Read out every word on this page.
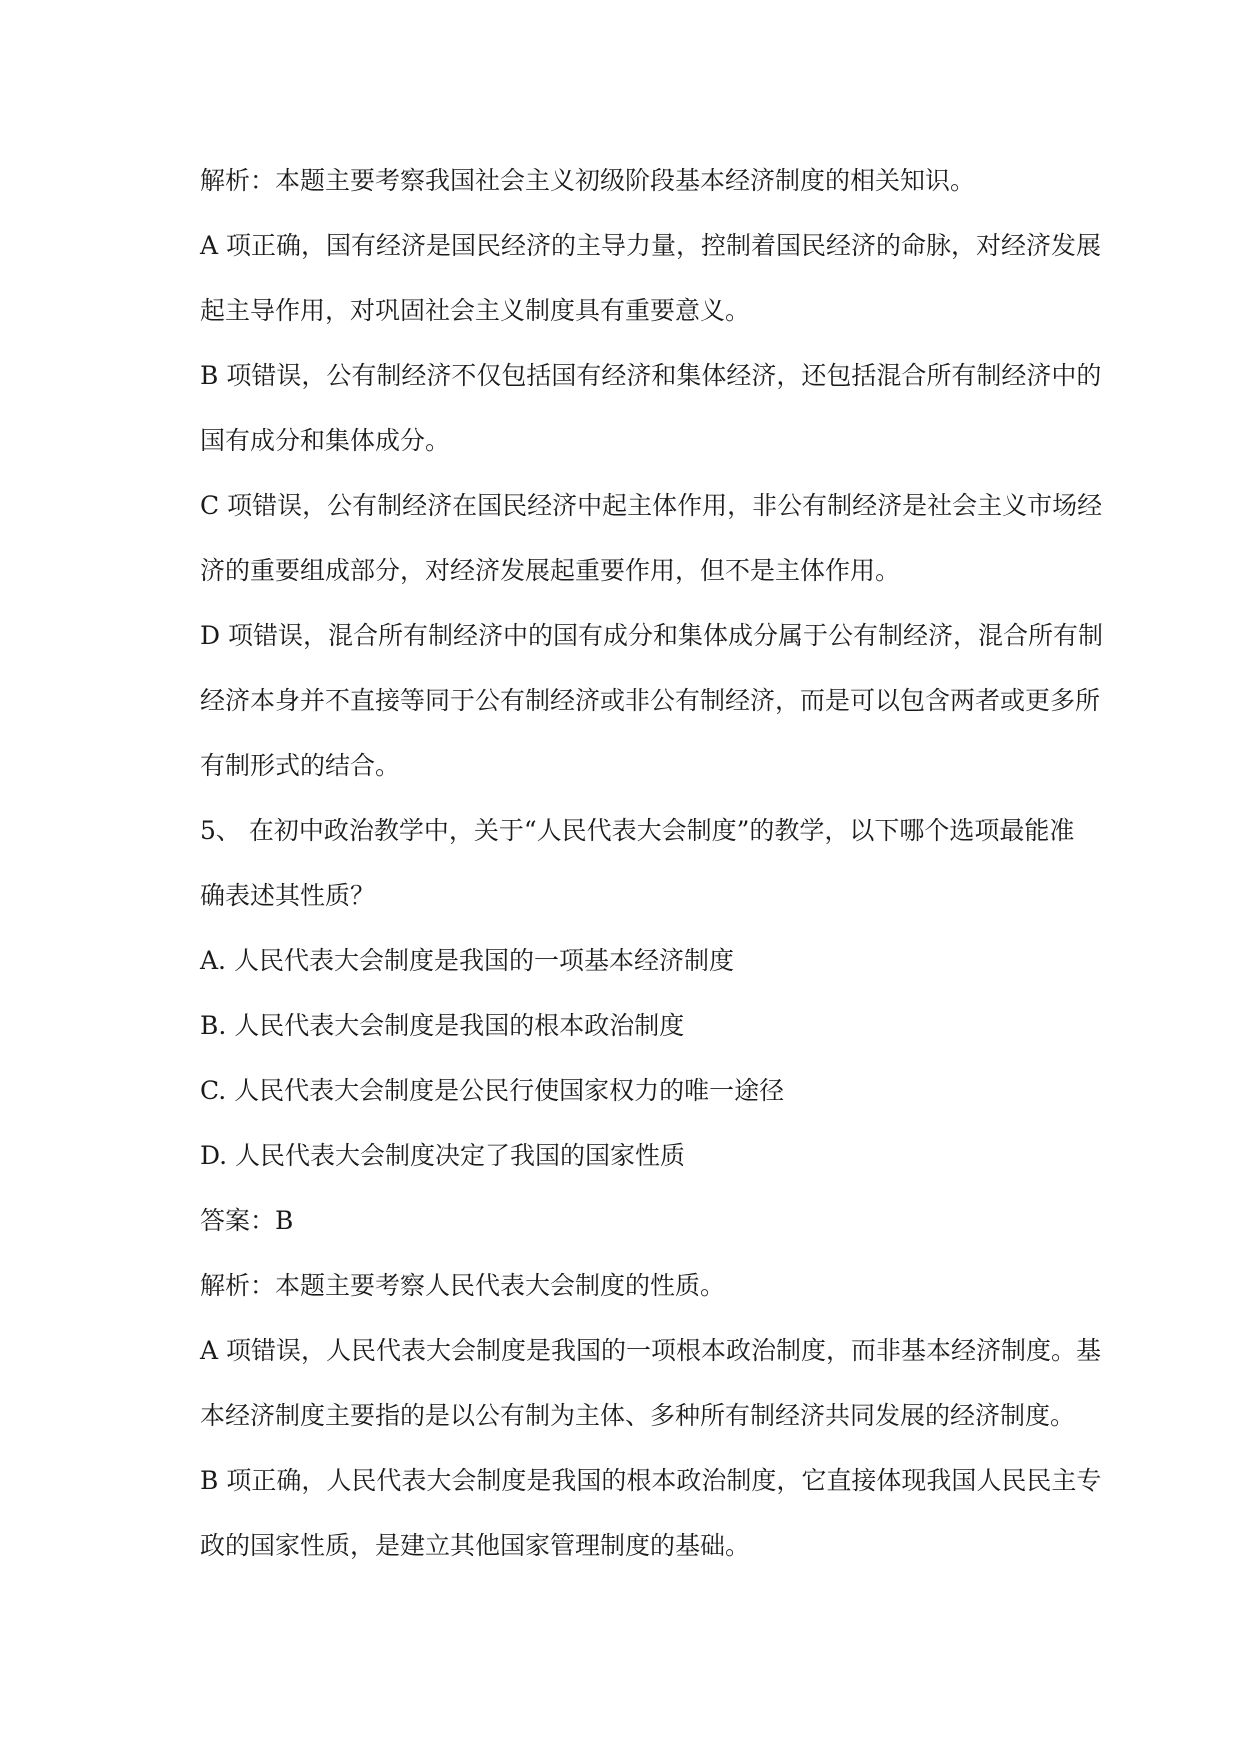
解析：本题主要考察我国社会主义初级阶段基本经济制度的相关知识。
A 项正确，国有经济是国民经济的主导力量，控制着国民经济的命脉，对经济发展
起主导作用，对巩固社会主义制度具有重要意义。
B 项错误，公有制经济不仅包括国有经济和集体经济，还包括混合所有制经济中的
国有成分和集体成分。
C 项错误，公有制经济在国民经济中起主体作用，非公有制经济是社会主义市场经
济的重要组成部分，对经济发展起重要作用，但不是主体作用。
D 项错误，混合所有制经济中的国有成分和集体成分属于公有制经济，混合所有制
经济本身并不直接等同于公有制经济或非公有制经济，而是可以包含两者或更多所
有制形式的结合。
5、 在初中政治教学中，关于“人民代表大会制度”的教学，以下哪个选项最能准
确表述其性质？
A. 人民代表大会制度是我国的一项基本经济制度
B. 人民代表大会制度是我国的根本政治制度
C. 人民代表大会制度是公民行使国家权力的唯一途径
D. 人民代表大会制度决定了我国的国家性质
答案：B
解析：本题主要考察人民代表大会制度的性质。
A 项错误，人民代表大会制度是我国的一项根本政治制度，而非基本经济制度。基
本经济制度主要指的是以公有制为主体、多种所有制经济共同发展的经济制度。
B 项正确，人民代表大会制度是我国的根本政治制度，它直接体现我国人民民主专
政的国家性质，是建立其他国家管理制度的基础。
